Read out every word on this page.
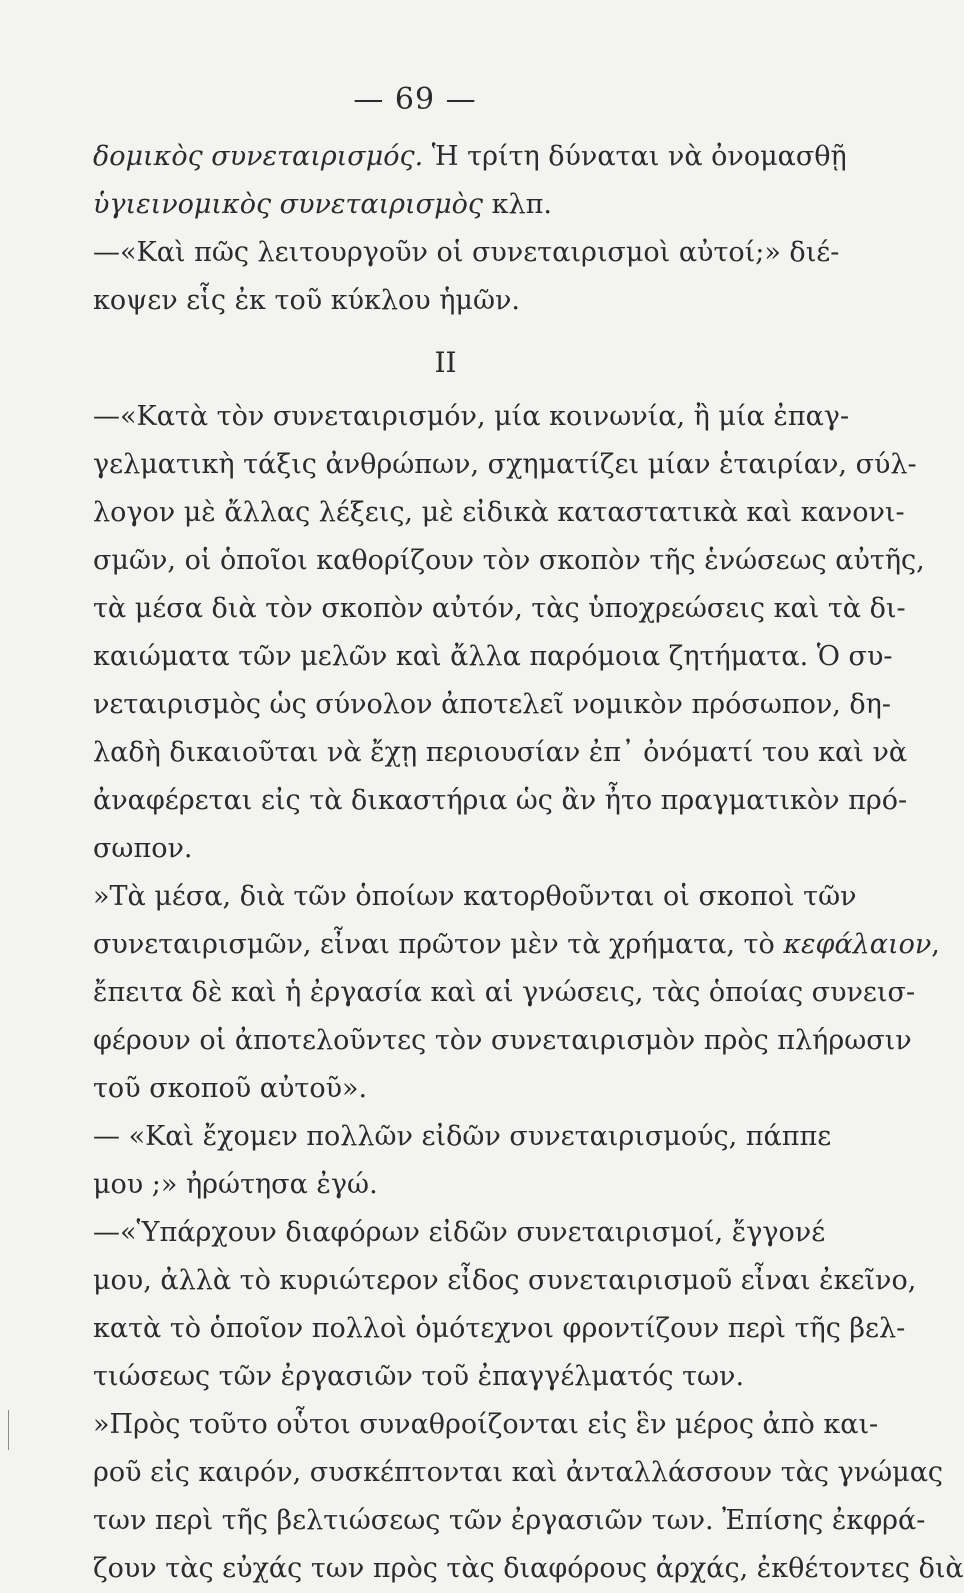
— 69 —
δομικὸς συνεταιρισμός. Ἡ τρίτη δύναται νὰ ὀνομασθῇ
ὑγιεινομικὸς συνεταιρισμὸς κλπ.
—«Καὶ πῶς λειτουργοῦν οἱ συνεταιρισμοὶ αὐτοί;» διέ-
κοψεν εἷς ἐκ τοῦ κύκλου ἡμῶν.
II
—«Κατὰ τὸν συνεταιρισμόν, μία κοινωνία, ἢ μία ἐπαγ-
γελματικὴ τάξις ἀνθρώπων, σχηματίζει μίαν ἑταιρίαν, σύλ-
λογον μὲ ἄλλας λέξεις, μὲ εἰδικὰ καταστατικὰ καὶ κανονι-
σμῶν, οἱ ὁποῖοι καθορίζουν τὸν σκοπὸν τῆς ἑνώσεως αὐτῆς,
τὰ μέσα διὰ τὸν σκοπὸν αὐτόν, τὰς ὑποχρεώσεις καὶ τὰ δι-
καιώματα τῶν μελῶν καὶ ἄλλα παρόμοια ζητήματα. Ὁ συ-
νεταιρισμὸς ὡς σύνολον ἀποτελεῖ νομικὸν πρόσωπον, δη-
λαδὴ δικαιοῦται νὰ ἔχῃ περιουσίαν ἐπ᾿ ὀνόματί του καὶ νὰ
ἀναφέρεται εἰς τὰ δικαστήρια ὡς ἂν ἦτο πραγματικὸν πρό-
σωπον.
»Τὰ μέσα, διὰ τῶν ὁποίων κατορθοῦνται οἱ σκοποὶ τῶν
συνεταιρισμῶν, εἶναι πρῶτον μὲν τὰ χρήματα, τὸ κεφάλαιον,
ἔπειτα δὲ καὶ ἡ ἐργασία καὶ αἱ γνώσεις, τὰς ὁποίας συνεισ-
φέρουν οἱ ἀποτελοῦντες τὸν συνεταιρισμὸν πρὸς πλήρωσιν
τοῦ σκοποῦ αὐτοῦ».
— «Καὶ ἔχομεν πολλῶν εἰδῶν συνεταιρισμούς, πάππε
μου ;» ἠρώτησα ἐγώ.
—«Ὑπάρχουν διαφόρων εἰδῶν συνεταιρισμοί, ἔγγονέ
μου, ἀλλὰ τὸ κυριώτερον εἶδος συνεταιρισμοῦ εἶναι ἐκεῖνο,
κατὰ τὸ ὁποῖον πολλοὶ ὁμότεχνοι φροντίζουν περὶ τῆς βελ-
τιώσεως τῶν ἐργασιῶν τοῦ ἐπαγγέλματός των.
»Πρὸς τοῦτο οὗτοι συναθροίζονται εἰς ἓν μέρος ἀπὸ και-
ροῦ εἰς καιρόν, συσκέπτονται καὶ ἀνταλλάσσουν τὰς γνώμας
των περὶ τῆς βελτιώσεως τῶν ἐργασιῶν των. Ἐπίσης ἐκφρά-
ζουν τὰς εὐχάς των πρὸς τὰς διαφόρους ἀρχάς, ἐκθέτοντες διὰ
